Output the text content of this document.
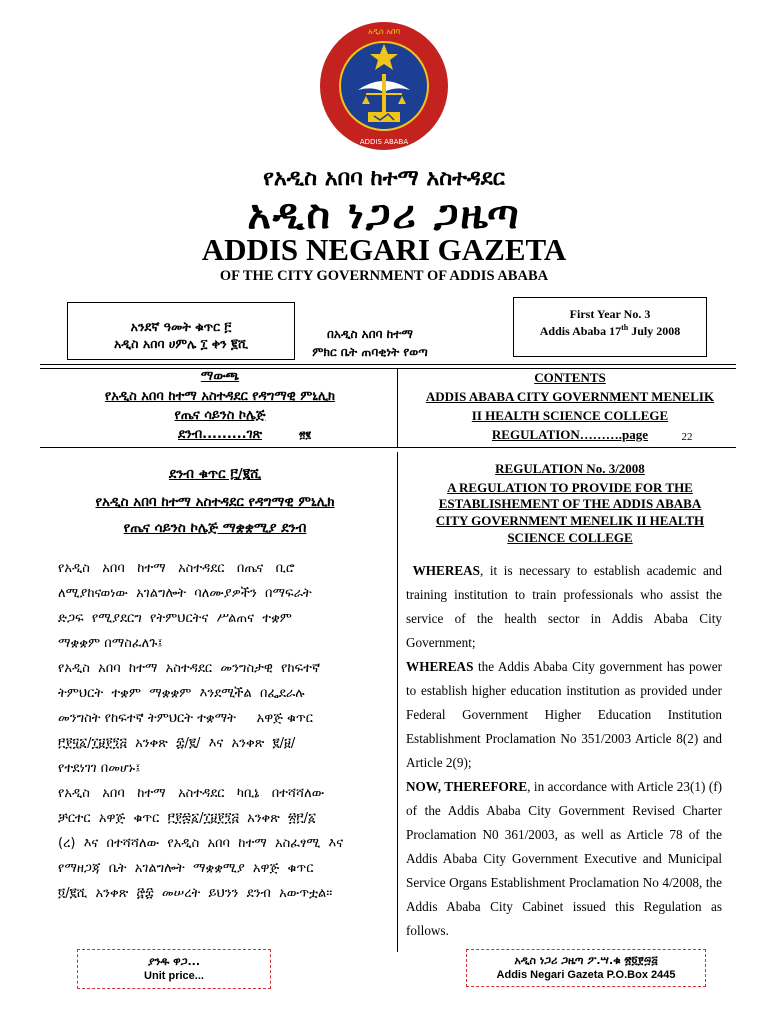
አዲስ አበባ
ADDIS ABABA
የአዲስ አበባ ከተማ አስተዳደር
አዲስ ነጋሪ ጋዜጣ
ADDIS NEGARI GAZETA
OF THE CITY GOVERNMENT OF ADDIS ABABA
አንደኛ ዓመት ቁጥር ፫
አዲስ አበባ ሀምሌ ፲ ቀን ፪ሺ
በአዲስ አበባ ከተማ
ምክር ቤት ጠባቂነት የወጣ
First Year No. 3
Addis Ababa 17th July 2008
ማውጫ
የአዲስ አበባ ከተማ አስተዳደር የዳግማዊ ምኒሊክ
የጤና ሳይንስ ኮሌጅ
ደንብ.........ገጽ	፳፪
CONTENTS
ADDIS ABABA CITY GOVERNMENT MENELIK
II HEALTH SCIENCE COLLEGE
REGULATION……….page	22
ደንብ ቁጥር ፫/፪ሺ
የአዲስ አበባ ከተማ አስተዳደር የዳግማዊ ምኒሊክ
የጤና ሳይንስ ኮሌጅ ማቋቋሚያ ደንብ
የአዲስ   አበባ   ከተማ   አስተዳደር   በጤና   ቢሮ
ለሚያከናወነው  አገልግሎት  ባለሙያዎችን  በማፍራት
ድጋፍ  የሚያደርግ  የትምህርትና  ሥልጠና  ተቋም
ማቋቋም በማስፈለጉ፤
የአዲስ  አበባ  ከተማ  አስተዳደር  መንግስታዊ  የከፍተኛ
ትምህርት  ተቋም  ማቋቋም  ￼እንደሚችል  በፌደራሉ
መንግስት የከፍተኛ ትምህርት ተቋማት     አዋጅ ቁጥር
፫፻፶፩/፲፱፻፺፭  አንቀጽ  ፰/፪/  እና  አንቀጽ  ፪/፱/
የተደነገገ በመሆኑ፤
የአዲስ   አበባ   ከተማ   አስተዳደር   ካቢኔ   በተሻሻለው
ቻርተር  አዋጅ  ቁጥር  ፫፻፷፩/፲፱፻፺፭  አንቀጽ  ፳፫/፩
(ረ)  እና  በተሻሻለው  የአዲስ  አበባ  ከተማ  አስፈፃሚ  እና
የማዘጋጃ  ቤት  አገልግሎት  ማቋቋሚያ  አዋጅ  ቁጥር
፬/፪ሺ  አንቀጽ  ፸፰  መሠረት  ይህንን  ደንብ  አውጥቷል፡፡
REGULATION No. 3/2008
A REGULATION TO PROVIDE FOR THE
ESTABLISHEMENT OF THE ADDIS ABABA
CITY GOVERNMENT MENELIK II HEALTH
SCIENCE COLLEGE

WHEREAS, it is necessary to establish academic and training institution to train professionals who assist the service of the health sector in Addis Ababa City Government;

WHEREAS the Addis Ababa City government has power to establish higher education institution as provided under Federal Government Higher Education Institution Establishment Proclamation No 351/2003 Article 8(2) and Article 2(9);

NOW, THEREFORE, in accordance with Article 23(1) (f) of the Addis Ababa City Government Revised Charter Proclamation N0 361/2003, as well as Article 78 of the Addis Ababa City Government Executive and Municipal Service Organs Establishment Proclamation No 4/2008, the Addis Ababa City Cabinet issued this Regulation as follows.

ያንዱ ዋጋ...
Unit price...
አዲስ ነጋሪ ጋዜጣ ፖ.ሣ.ቁ ፳፬፻፵፭
Addis Negari Gazeta P.O.Box 2445
